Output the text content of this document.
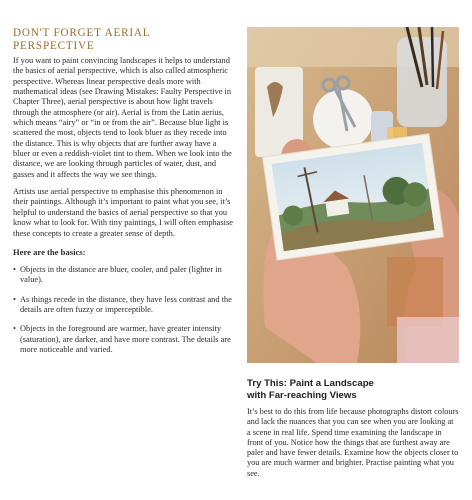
DON'T FORGET AERIAL
PERSPECTIVE

If you want to paint convincing landscapes it helps to understand the basics of aerial perspective, which is also called atmospheric perspective. Whereas linear perspective deals more with mathematical ideas (see Drawing Mistakes: Faulty Perspective in Chapter Three), aerial perspective is about how light travels through the atmosphere (or air). Aerial is from the Latin aerius, which means “airy” or “in or from the air”. Because blue light is scattered the most, objects tend to look bluer as they recede into the distance. This is why objects that are further away have a bluer or even a reddish-violet tint to them. When we look into the distance, we are looking through particles of water, dust, and gasses and it affects the way we see things.

Artists use aerial perspective to emphasise this phenomenon in their paintings. Although it’s important to paint what you see, it’s helpful to understand the basics of aerial perspective so that you know what to look for. With tiny paintings, I will often emphasise these concepts to create a greater sense of depth.

Here are the basics:
• Objects in the distance are bluer, cooler, and paler (lighter in value).
• As things recede in the distance, they have less contrast and the details are often fuzzy or imperceptible.
• Objects in the foreground are warmer, have greater intensity (saturation), are darker, and have more contrast. The details are more noticeable and varied.
Try This: Paint a Landscape
with Far-reaching Views

It’s best to do this from life because photographs distort colours and lack the nuances that you can see when you are looking at a scene in real life. Spend time examining the landscape in front of you. Notice how the things that are furthest away are paler and have fewer details. Examine how the objects closer to you are much warmer and brighter. Practise painting what you see.
